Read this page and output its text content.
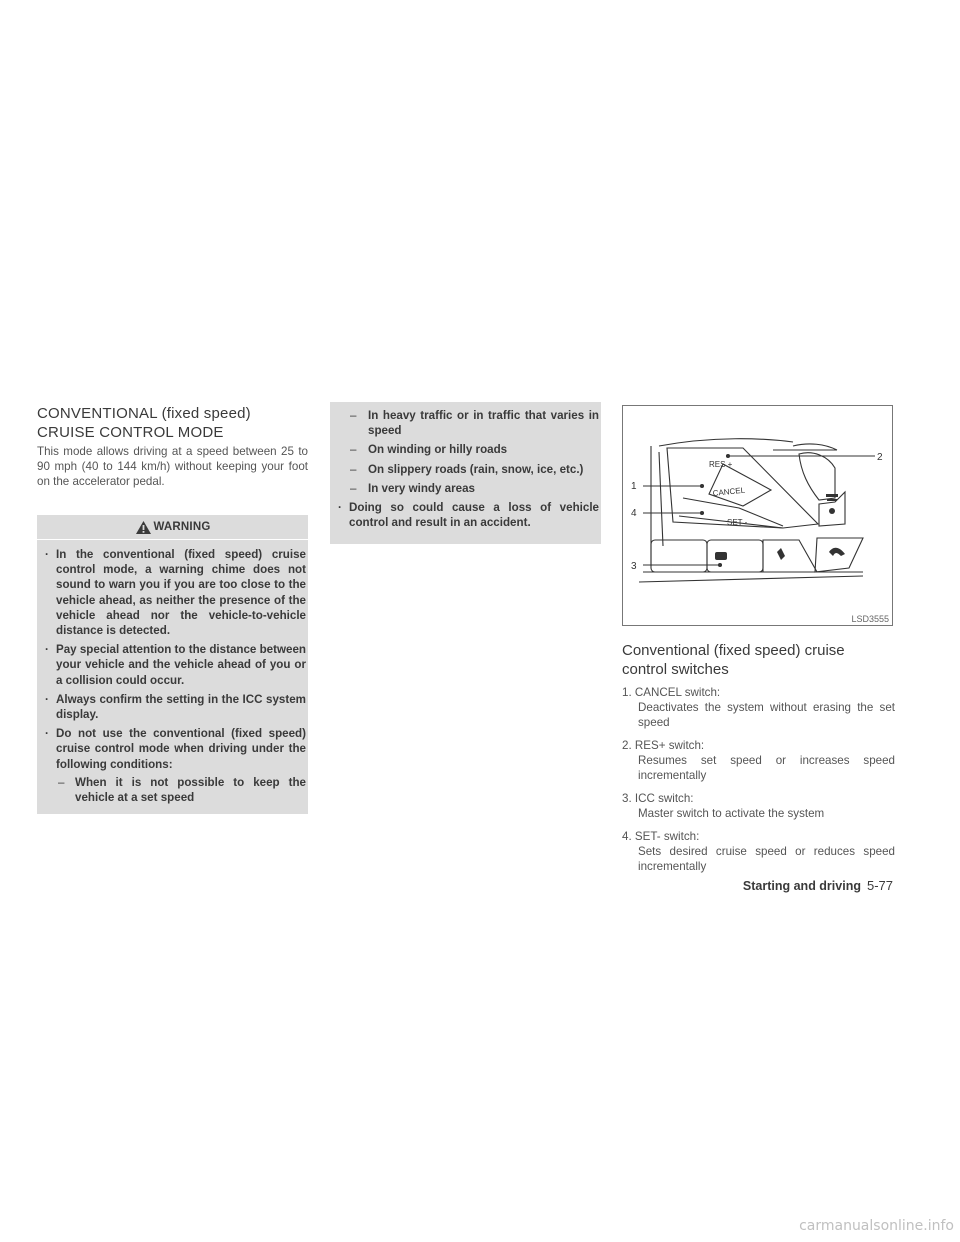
CONVENTIONAL (fixed speed)
CRUISE CONTROL MODE

This mode allows driving at a speed between 25 to 90 mph (40 to 144 km/h) without keeping your foot on the accelerator pedal.

WARNING
· In the conventional (fixed speed) cruise control mode, a warning chime does not sound to warn you if you are too close to the vehicle ahead, as neither the presence of the vehicle ahead nor the vehicle-to-vehicle distance is detected.
· Pay special attention to the distance between your vehicle and the vehicle ahead of you or a collision could occur.
· Always confirm the setting in the ICC system display.
· Do not use the conventional (fixed speed) cruise control mode when driving under the following conditions:
– When it is not possible to keep the vehicle at a set speed
– In heavy traffic or in traffic that varies in speed
– On winding or hilly roads
– On slippery roads (rain, snow, ice, etc.)
– In very windy areas
· Doing so could cause a loss of vehicle control and result in an accident.
RES +
CANCEL
SET -
1
2
3
4
LSD3555
Conventional (fixed speed) cruise
control switches
1. CANCEL switch:
Deactivates the system without erasing the set speed
2. RES+ switch:
Resumes set speed or increases speed incrementally
3. ICC switch:
Master switch to activate the system
4. SET- switch:
Sets desired cruise speed or reduces speed incrementally
Starting and driving 5-77
carmanualsonline.info
